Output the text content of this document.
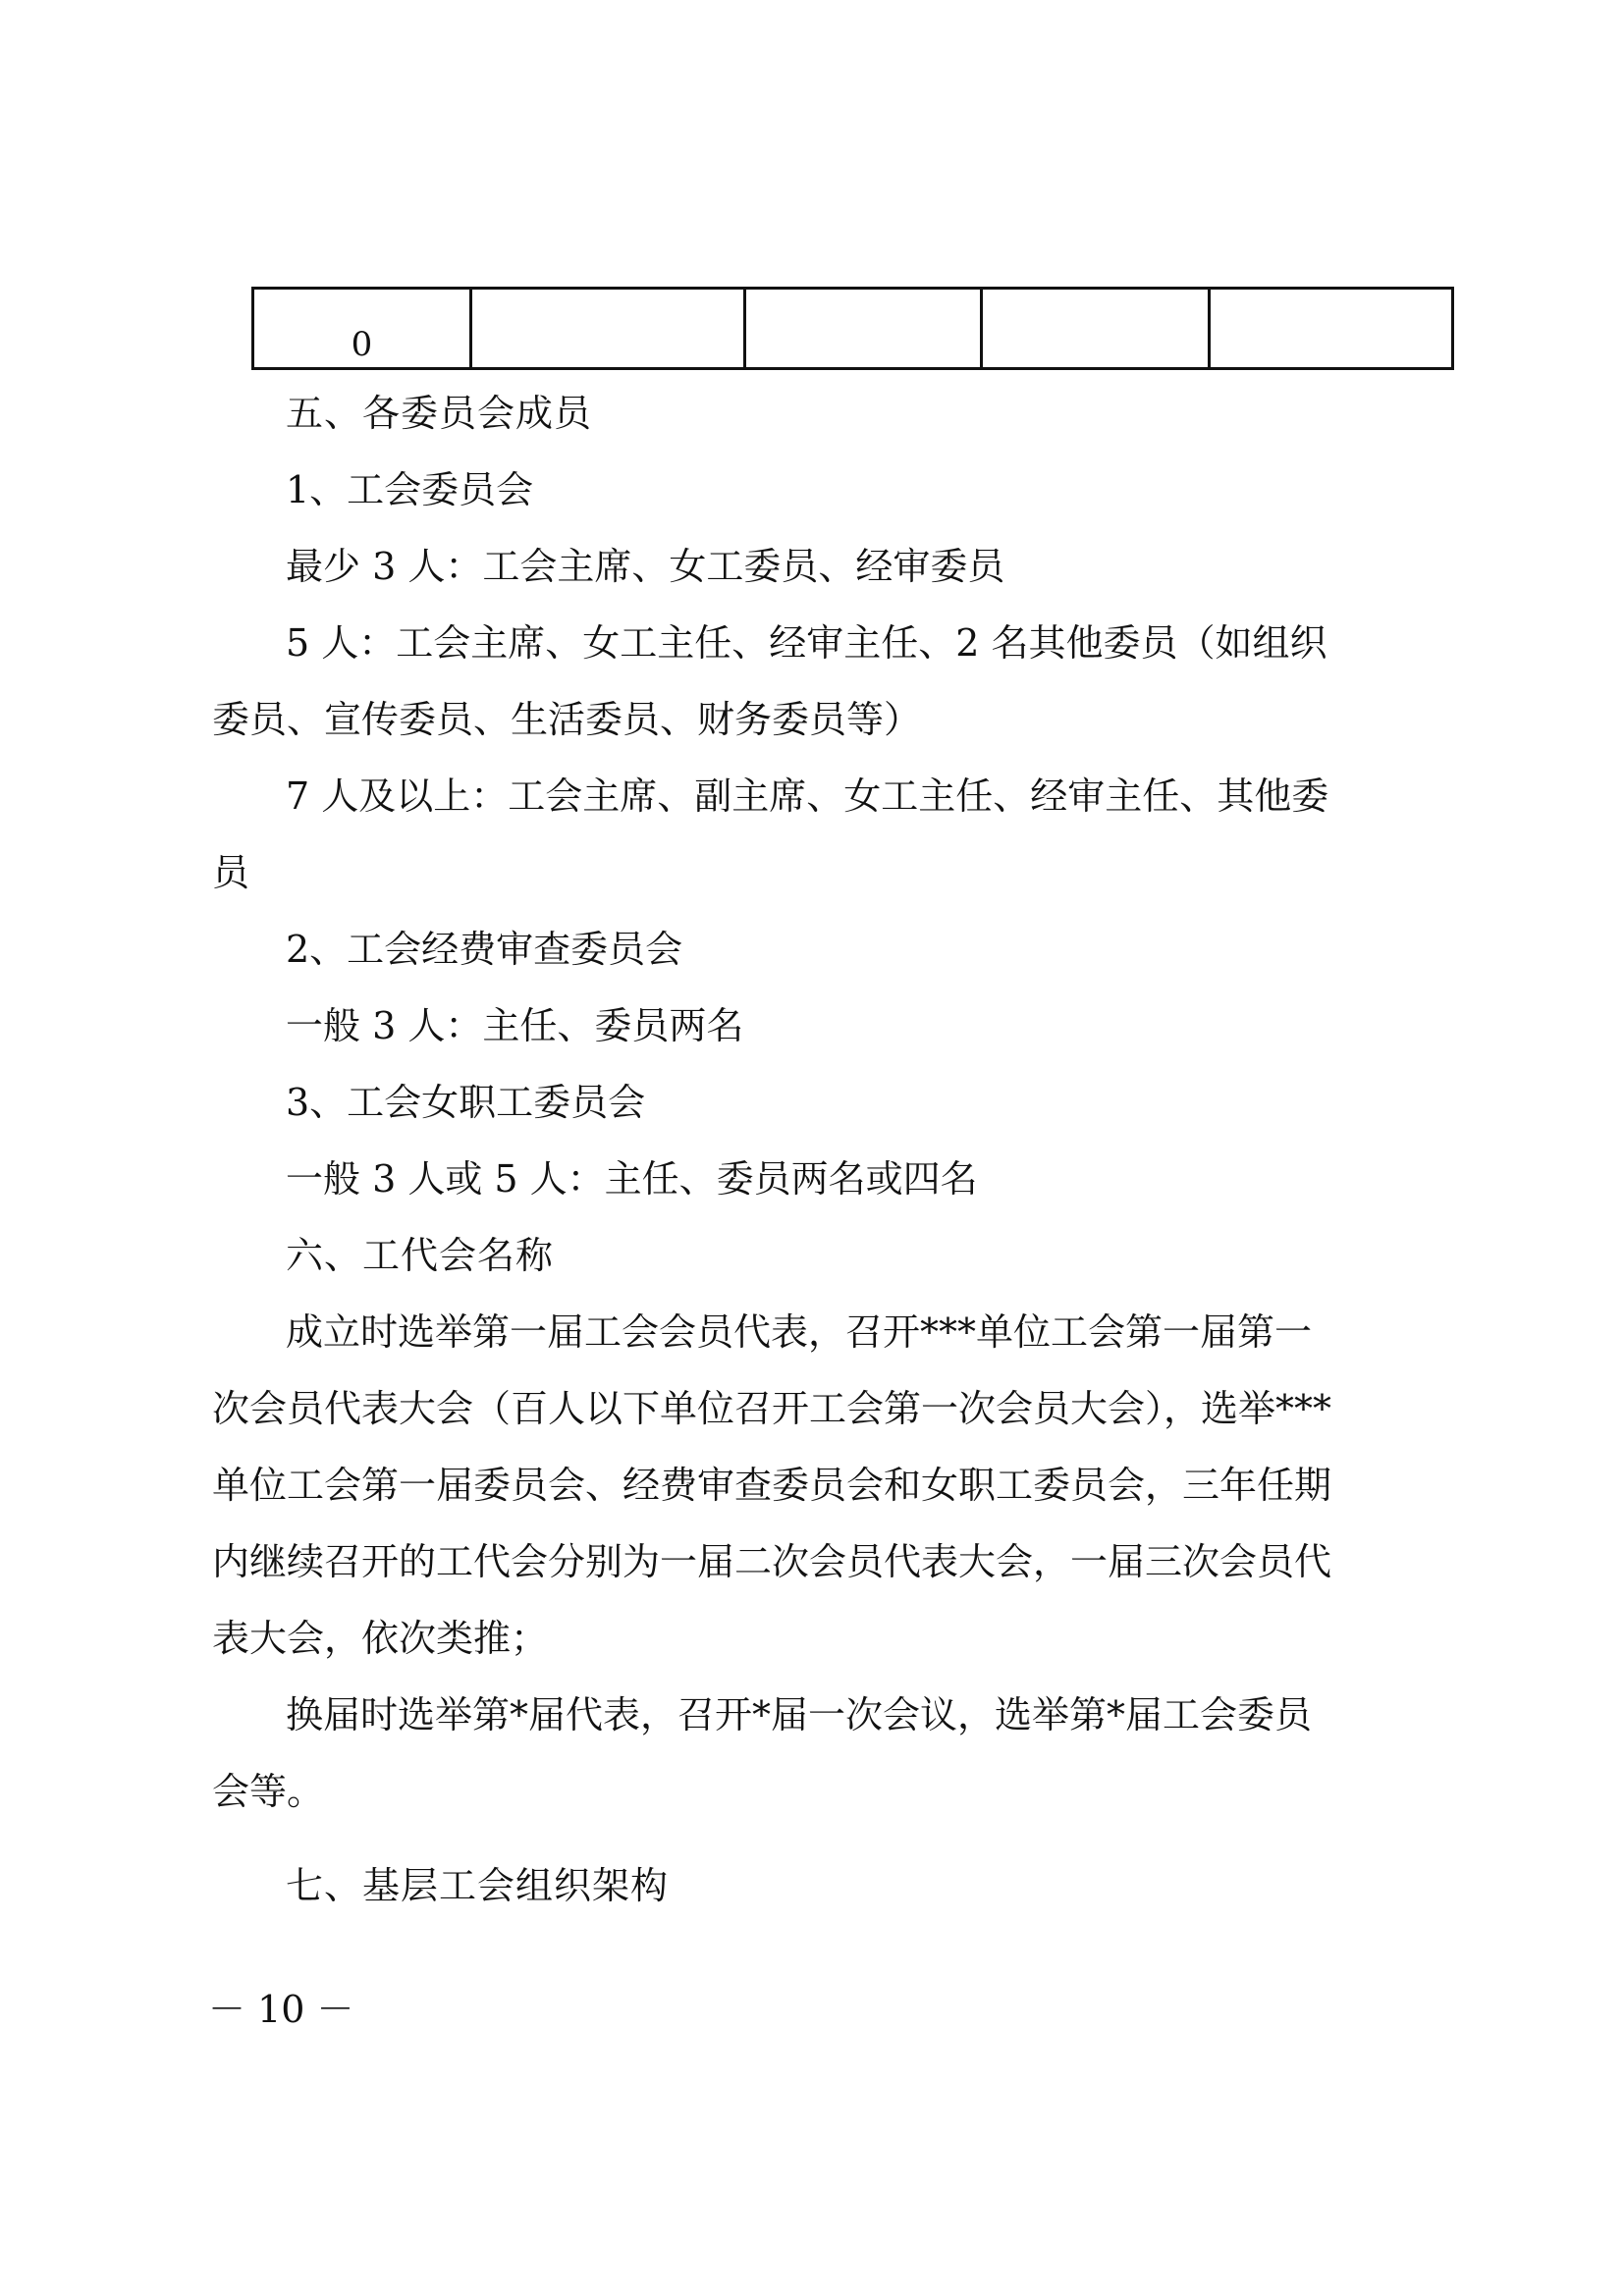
0				

五、各委员会成员

1、工会委员会

最少 3 人：工会主席、女工委员、经审委员

5 人：工会主席、女工主任、经审主任、2 名其他委员（如组织

委员、宣传委员、生活委员、财务委员等）

7 人及以上：工会主席、副主席、女工主任、经审主任、其他委

员

2、工会经费审查委员会

一般 3 人：主任、委员两名

3、工会女职工委员会

一般 3 人或 5 人：主任、委员两名或四名

六、工代会名称

成立时选举第一届工会会员代表，召开***单位工会第一届第一

次会员代表大会（百人以下单位召开工会第一次会员大会），选举***

单位工会第一届委员会、经费审查委员会和女职工委员会，三年任期

内继续召开的工代会分别为一届二次会员代表大会，一届三次会员代

表大会，依次类推；

换届时选举第*届代表，召开*届一次会议，选举第*届工会委员

会等。

七、基层工会组织架构

－ 10 －
